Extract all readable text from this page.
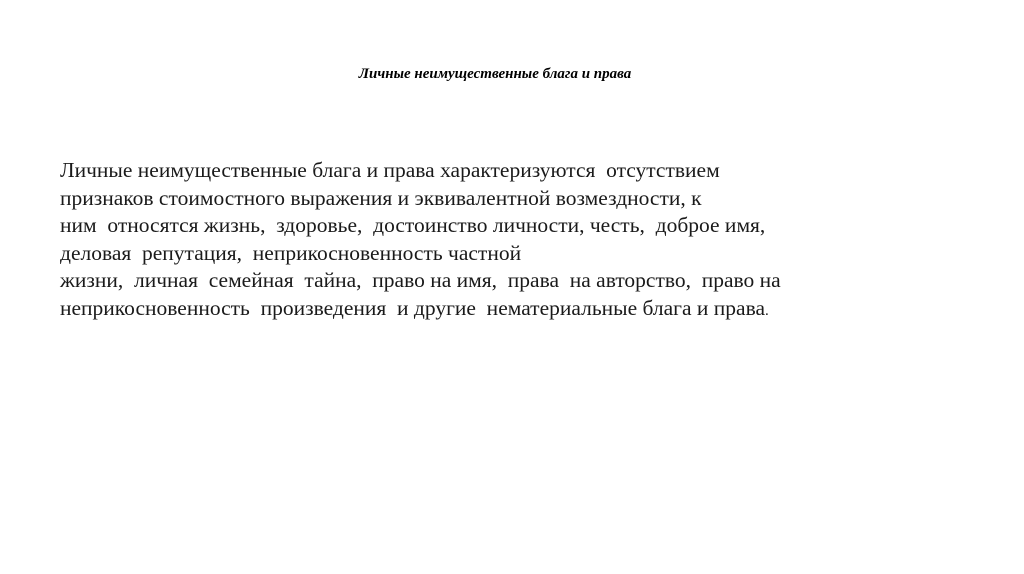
Личные неимущественные блага и права

Личные неимущественные блага и права характеризуются  отсутствием
признаков стоимостного выражения и эквивалентной возмездности, к
ним  относятся жизнь,  здоровье,  достоинство личности, честь,  доброе имя,
деловая  репутация,  неприкосновенность частной
жизни,  личная  семейная  тайна,  право на имя,  права  на авторство,  право на
неприкосновенность  произведения  и другие  нематериальные блага и права.
